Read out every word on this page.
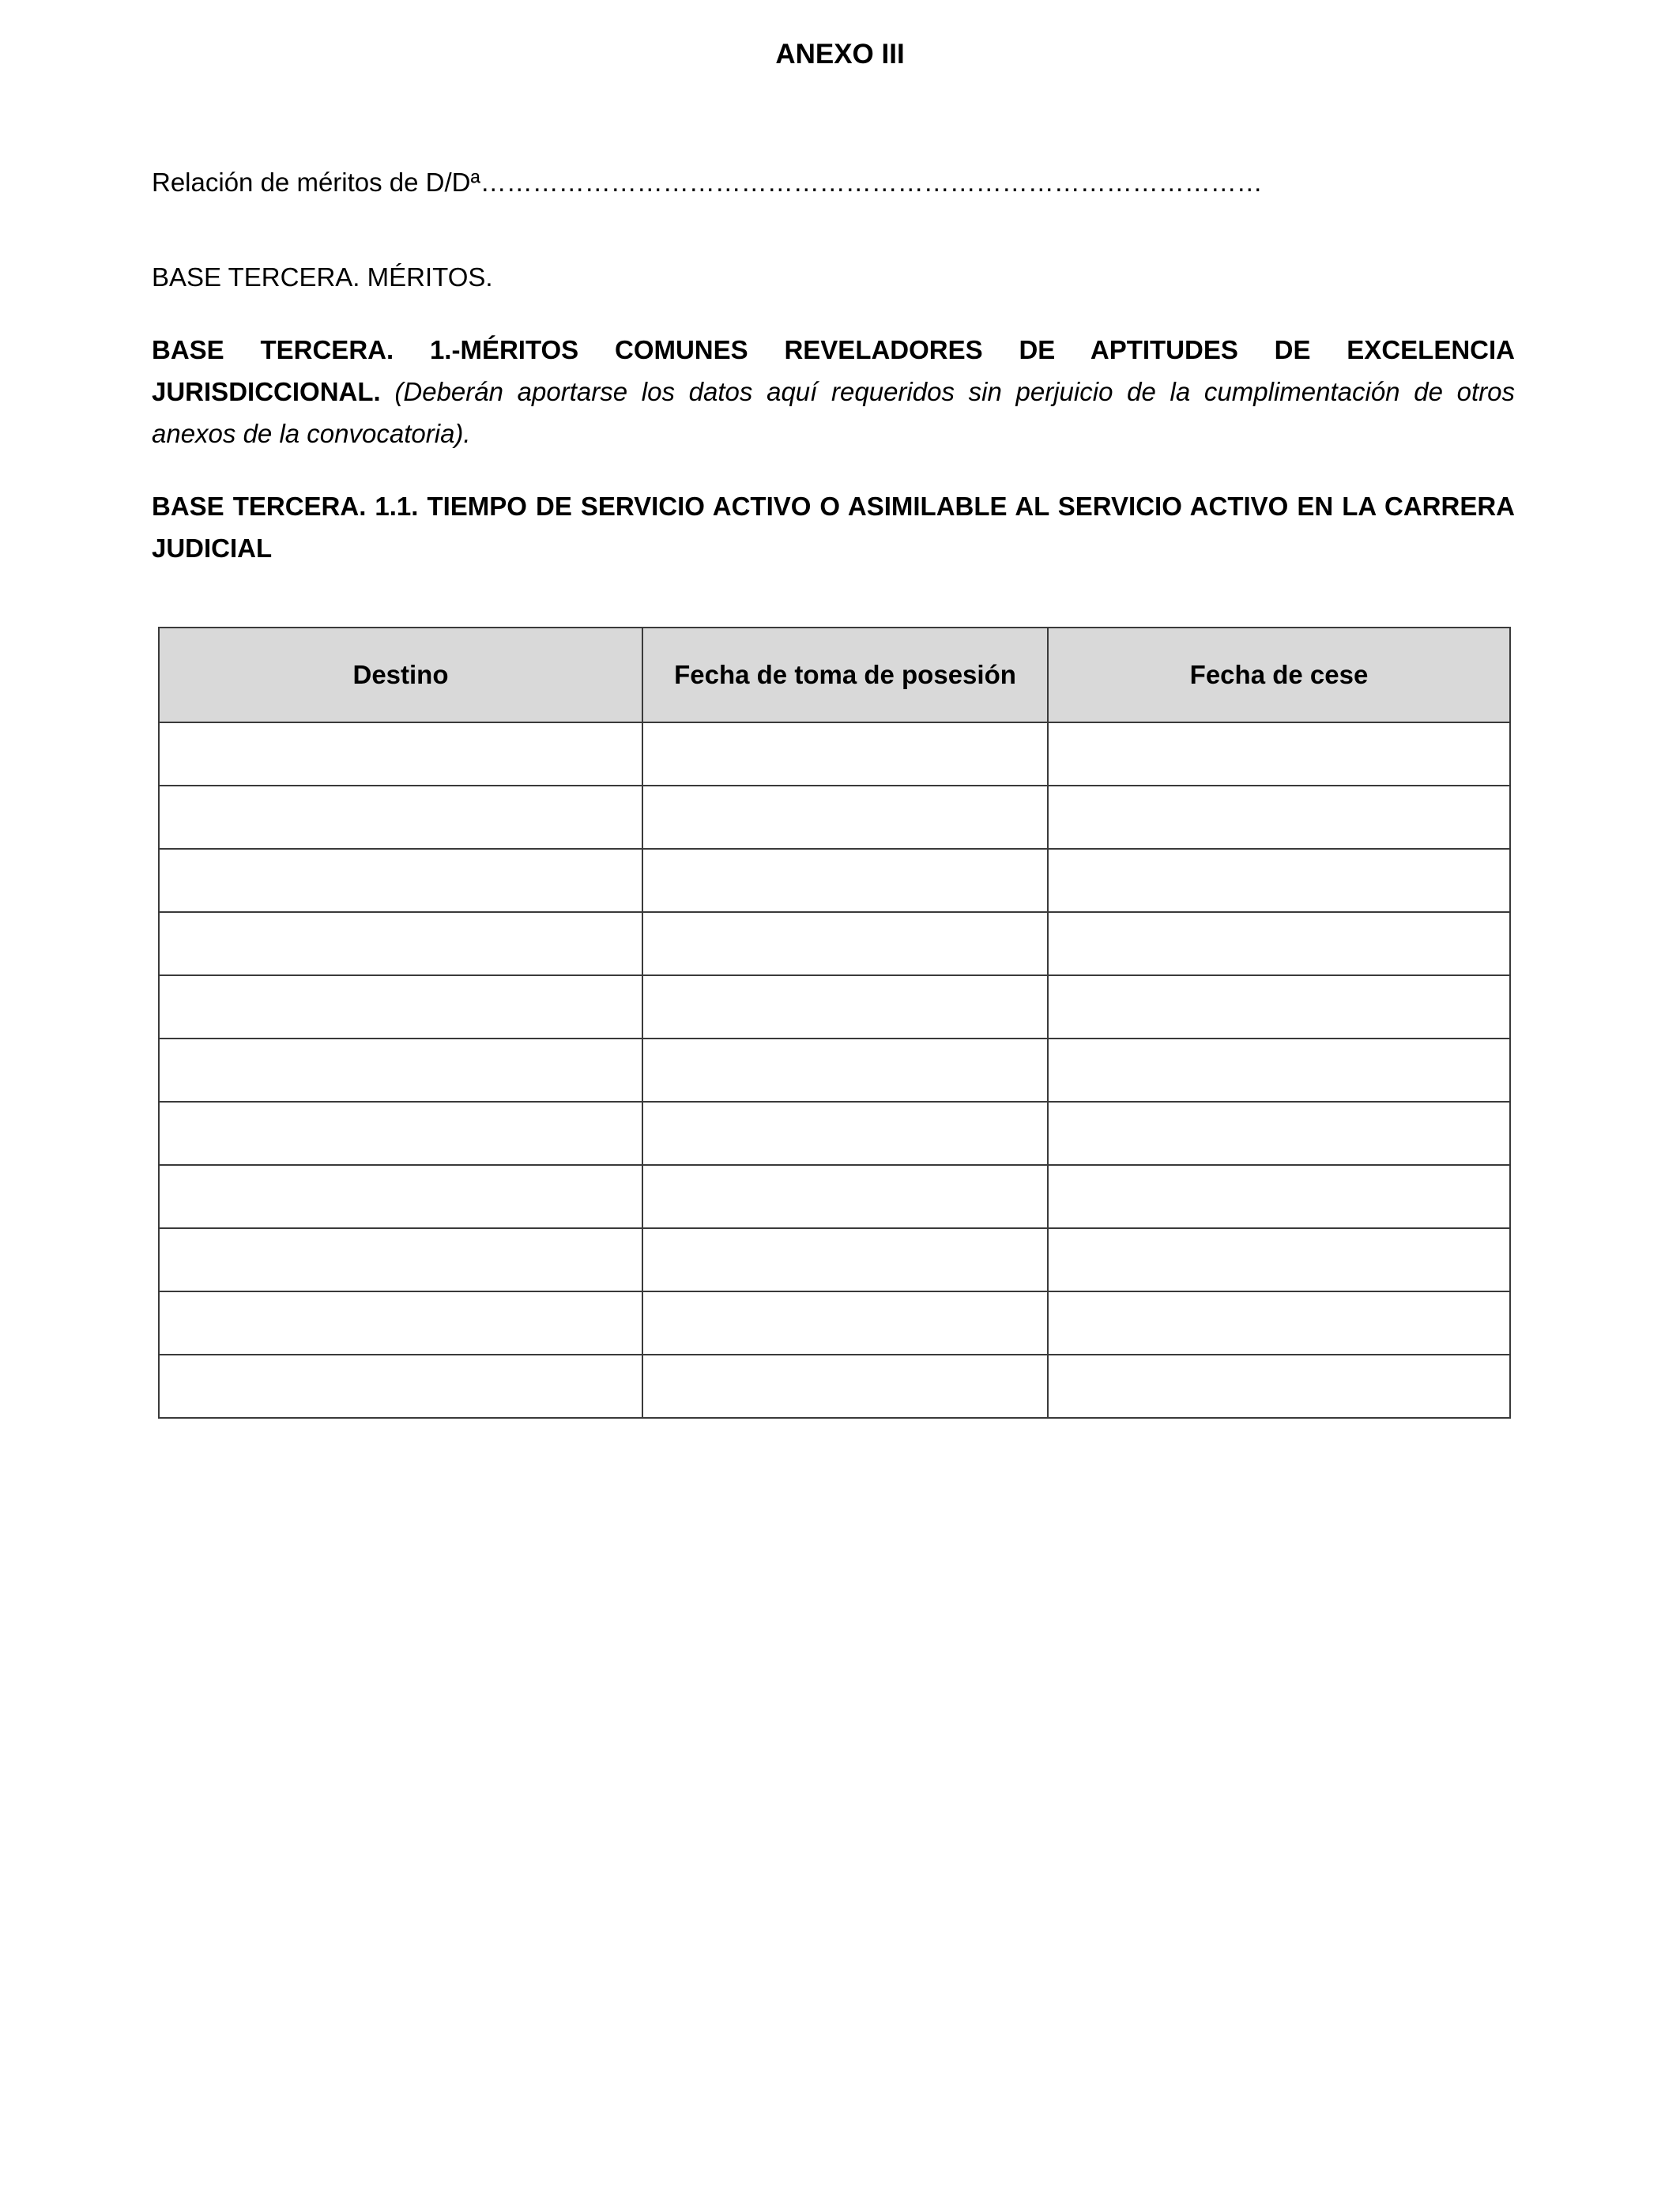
ANEXO III
Relación de méritos de D/Dª………………………………………………………………………………
BASE TERCERA. MÉRITOS.
BASE TERCERA. 1.-MÉRITOS COMUNES REVELADORES DE APTITUDES DE EXCELENCIA JURISDICCIONAL. (Deberán aportarse los datos aquí requeridos sin perjuicio de la cumplimentación de otros anexos de la convocatoria).
BASE TERCERA. 1.1. TIEMPO DE SERVICIO ACTIVO O ASIMILABLE AL SERVICIO ACTIVO EN LA CARRERA JUDICIAL
Destino	Fecha de toma de posesión	Fecha de cese
